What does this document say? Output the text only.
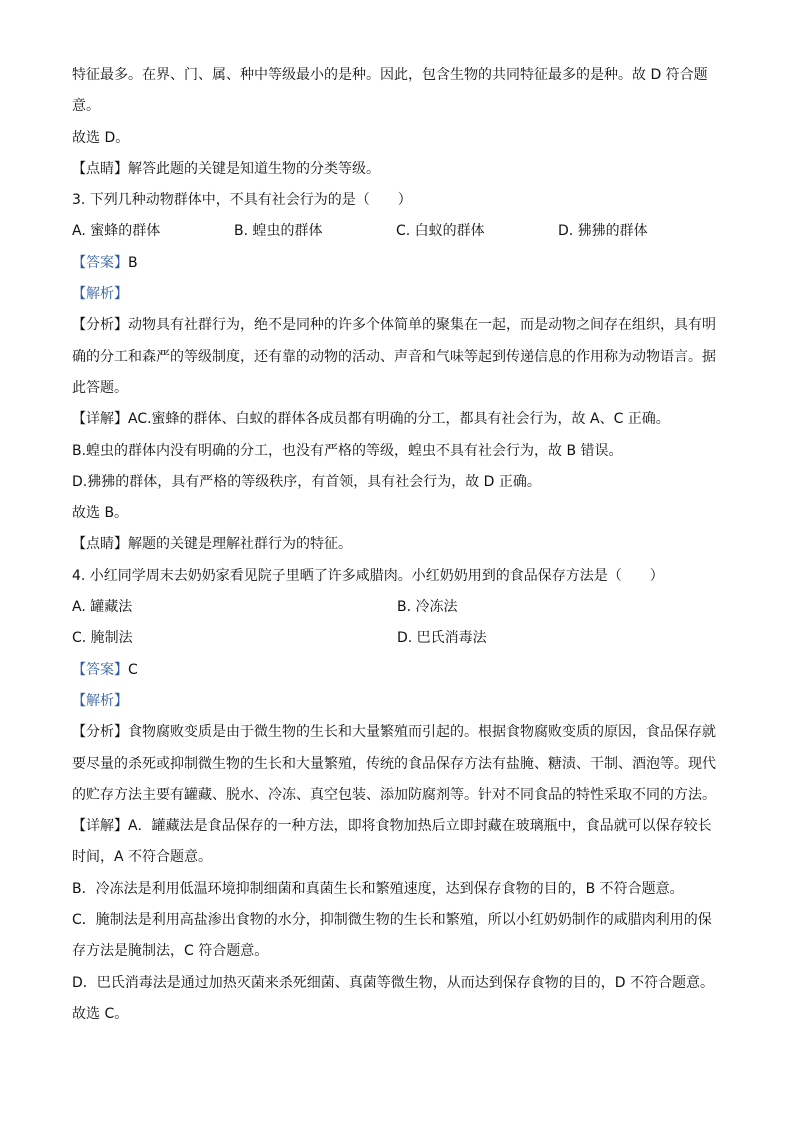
特征最多。在界、门、属、种中等级最小的是种。因此，包含生物的共同特征最多的是种。故 D 符合题
意。
故选 D。
【点睛】解答此题的关键是知道生物的分类等级。
3. 下列几种动物群体中，不具有社会行为的是（　　）
A. 蜜蜂的群体	B. 蝗虫的群体	C. 白蚁的群体	D. 狒狒的群体
【答案】B
【解析】
【分析】动物具有社群行为，绝不是同种的许多个体简单的聚集在一起，而是动物之间存在组织，具有明
确的分工和森严的等级制度，还有靠的动物的活动、声音和气味等起到传递信息的作用称为动物语言。据
此答题。
【详解】AC.蜜蜂的群体、白蚁的群体各成员都有明确的分工，都具有社会行为，故 A、C 正确。
B.蝗虫的群体内没有明确的分工，也没有严格的等级，蝗虫不具有社会行为，故 B 错误。
D.狒狒的群体，具有严格的等级秩序，有首领，具有社会行为，故 D 正确。
故选 B。
【点睛】解题的关键是理解社群行为的特征。
4. 小红同学周末去奶奶家看见院子里晒了许多咸腊肉。小红奶奶用到的食品保存方法是（　　）
A. 罐藏法	B. 冷冻法
C. 腌制法	D. 巴氏消毒法
【答案】C
【解析】
【分析】食物腐败变质是由于微生物的生长和大量繁殖而引起的。根据食物腐败变质的原因，食品保存就
要尽量的杀死或抑制微生物的生长和大量繁殖，传统的食品保存方法有盐腌、糖渍、干制、酒泡等。现代
的贮存方法主要有罐藏、脱水、冷冻、真空包装、添加防腐剂等。针对不同食品的特性采取不同的方法。
【详解】A．罐藏法是食品保存的一种方法，即将食物加热后立即封藏在玻璃瓶中，食品就可以保存较长
时间，A 不符合题意。
B．冷冻法是利用低温环境抑制细菌和真菌生长和繁殖速度，达到保存食物的目的，B 不符合题意。
C．腌制法是利用高盐渗出食物的水分，抑制微生物的生长和繁殖，所以小红奶奶制作的咸腊肉利用的保
存方法是腌制法，C 符合题意。
D．巴氏消毒法是通过加热灭菌来杀死细菌、真菌等微生物，从而达到保存食物的目的，D 不符合题意。
故选 C。
